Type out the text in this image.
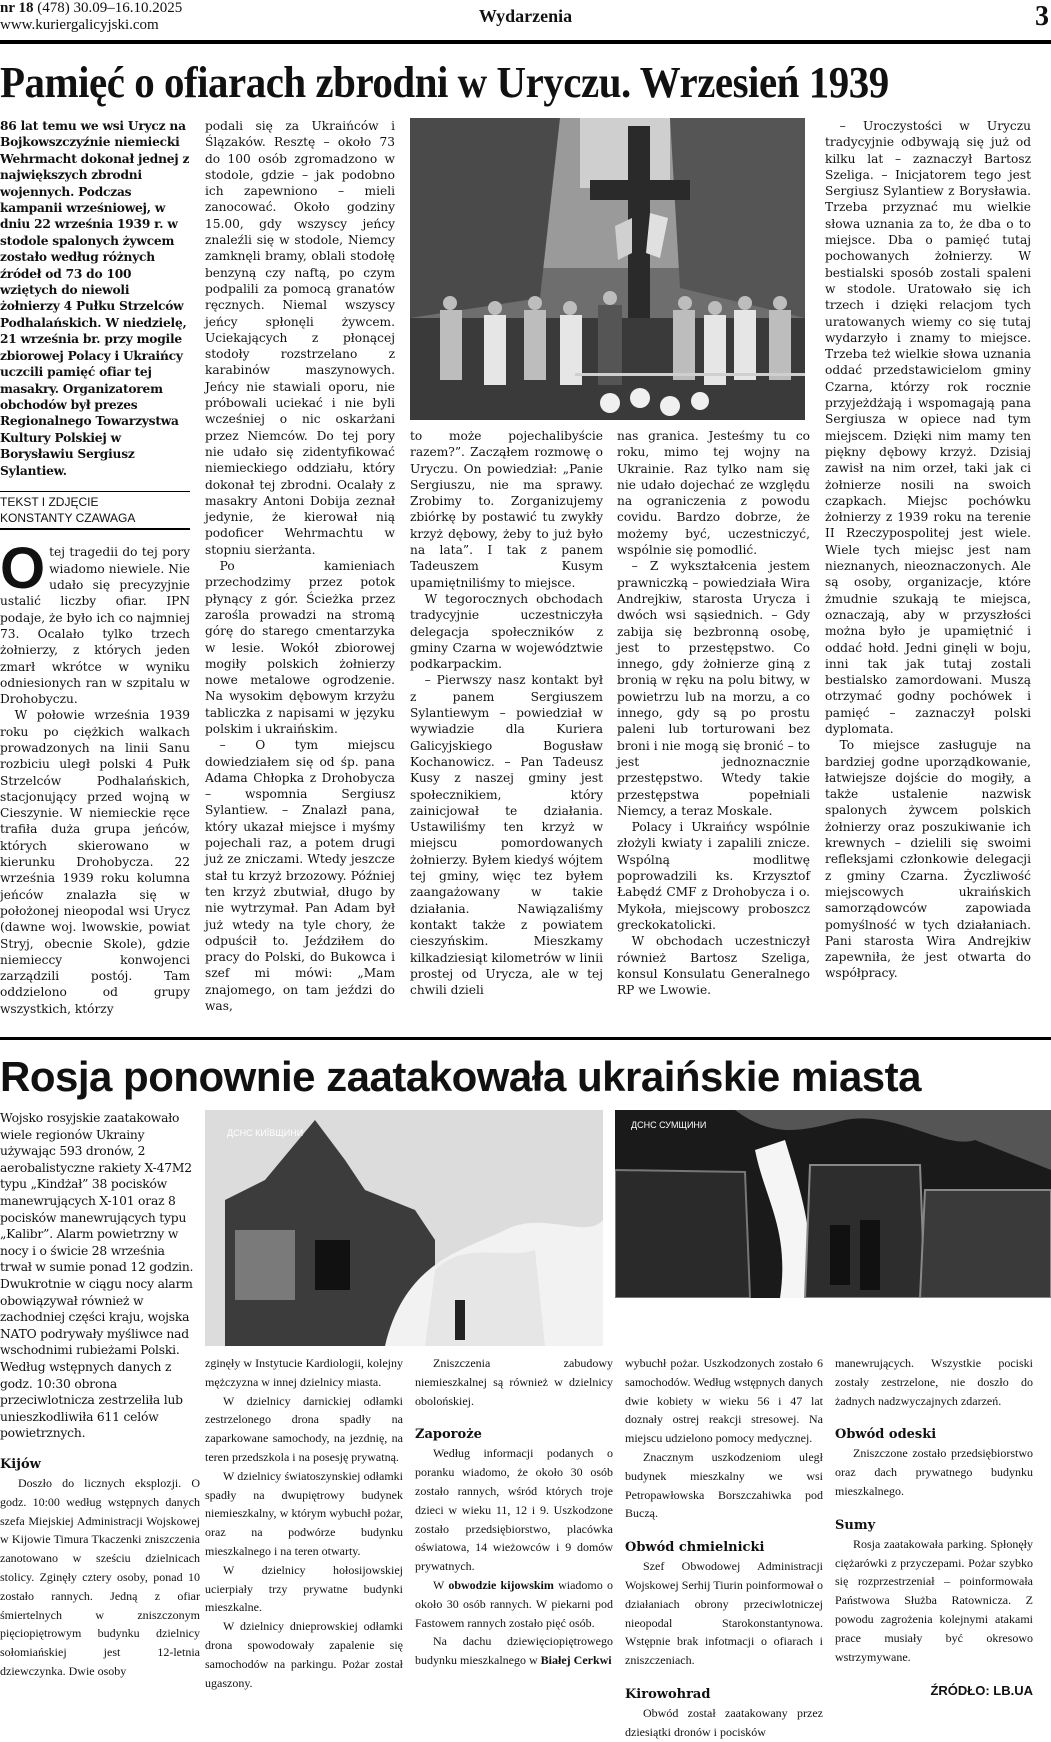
nr 18 (478) 30.09–16.10.2025
www.kuriergalicyjski.com	Wydarzenia	3
Pamięć o ofiarach zbrodni w Uryczu. Wrzesień 1939
86 lat temu we wsi Urycz na Bojkowszczyźnie niemiecki Wehrmacht dokonał jednej z największych zbrodni wojennych. Podczas kampanii wrześniowej, w dniu 22 września 1939 r. w stodole spalonych żywcem zostało według różnych źródeł od 73 do 100 wziętych do niewoli żołnierzy 4 Pułku Strzelców Podhalańskich. W niedzielę, 21 września br. przy mogile zbiorowej Polacy i Ukraińcy uczcili pamięć ofiar tej masakry. Organizatorem obchodów był prezes Regionalnego Towarzystwa Kultury Polskiej w Borysławiu Sergiusz Sylantiew.
TEKST I ZDJĘCIE
KONSTANTY CZAWAGA

Otej tragedii do tej pory wiadomo niewiele. Nie udało się precyzyjnie ustalić liczby ofiar. IPN podaje, że było ich co najmniej 73. Ocalało tylko trzech żołnierzy, z których jeden zmarł wkrótce w wyniku odniesionych ran w szpitalu w Drohobyczu.

W połowie września 1939 roku po ciężkich walkach prowadzonych na linii Sanu rozbiciu uległ polski 4 Pułk Strzelców Podhalańskich, stacjonujący przed wojną w Cieszynie. W niemieckie ręce trafiła duża grupa jeńców, których skierowano w kierunku Drohobycza. 22 września 1939 roku kolumna jeńców znalazła się w położonej nieopodal wsi Urycz (dawne woj. lwowskie, powiat Stryj, obecnie Skole), gdzie niemieccy konwojenci zarządzili postój. Tam oddzielono od grupy wszystkich, którzy

podali się za Ukraińców i Ślązaków. Resztę – około 73 do 100 osób zgromadzono w stodole, gdzie – jak podobno ich zapewniono – mieli zanocować. Około godziny 15.00, gdy wszyscy jeńcy znaleźli się w stodole, Niemcy zamknęli bramy, oblali stodołę benzyną czy naftą, po czym podpalili za pomocą granatów ręcznych. Niemal wszyscy jeńcy spłonęli żywcem. Uciekających z płonącej stodoły rozstrzelano z karabinów maszynowych. Jeńcy nie stawiali oporu, nie próbowali uciekać i nie byli wcześniej o nic oskarżani przez Niemców. Do tej pory nie udało się zidentyfikować niemieckiego oddziału, który dokonał tej zbrodni. Ocalały z masakry Antoni Dobija zeznał jedynie, że kierował nią podoficer Wehrmachtu w stopniu sierżanta.

Po kamieniach przechodzimy przez potok płynący z gór. Ścieżka przez zarośla prowadzi na stromą górę do starego cmentarzyka w lesie. Wokół zbiorowej mogiły polskich żołnierzy nowe metalowe ogrodzenie. Na wysokim dębowym krzyżu tabliczka z napisami w języku polskim i ukraińskim.

– O tym miejscu dowiedziałem się od śp. pana Adama Chłopka z Drohobycza – wspomnia Sergiusz Sylantiew. – Znalazł pana, który ukazał miejsce i myśmy pojechali raz, a potem drugi już ze zniczami. Wtedy jeszcze stał tu krzyż brzozowy. Później ten krzyż zbutwiał, długo by nie wytrzymał. Pan Adam był już wtedy na tyle chory, że odpuścił to. Jeździłem do pracy do Polski, do Bukowca i szef mi mówi: „Mam znajomego, on tam jeździ do was,

to może pojechalibyście razem?”. Zacząłem rozmowę o Uryczu. On powiedział: „Panie Sergiuszu, nie ma sprawy. Zrobimy to. Zorganizujemy zbiórkę by postawić tu zwykły krzyż dębowy, żeby to już było na lata”. I tak z panem Tadeuszem Kusym upamiętniliśmy to miejsce.

W tegorocznych obchodach tradycyjnie uczestniczyła delegacja społeczników z gminy Czarna w województwie podkarpackim.

– Pierwszy nasz kontakt był z panem Sergiuszem Sylantiewym – powiedział w wywiadzie dla Kuriera Galicyjskiego Bogusław Kochanowicz. – Pan Tadeusz Kusy z naszej gminy jest społecznikiem, który zainicjował te działania. Ustawiliśmy ten krzyż w miejscu pomordowanych żołnierzy. Byłem kiedyś wójtem tej gminy, więc tez byłem zaangażowany w takie działania. Nawiązaliśmy kontakt także z powiatem cieszyńskim. Mieszkamy kilkadziesiąt kilometrów w linii prostej od Urycza, ale w tej chwili dzieli

nas granica. Jesteśmy tu co roku, mimo tej wojny na Ukrainie. Raz tylko nam się nie udało dojechać ze względu na ograniczenia z powodu covidu. Bardzo dobrze, że możemy być, uczestniczyć, wspólnie się pomodlić.

– Z wykształcenia jestem prawniczką – powiedziała Wira Andrejkiw, starosta Urycza i dwóch wsi sąsiednich. – Gdy zabija się bezbronną osobę, jest to przestępstwo. Co innego, gdy żołnierze giną z bronią w ręku na polu bitwy, w powietrzu lub na morzu, a co innego, gdy są po prostu paleni lub torturowani bez broni i nie mogą się bronić – to jest jednoznacznie przestępstwo. Wtedy takie przestępstwa popełniali Niemcy, a teraz Moskale.

Polacy i Ukraińcy wspólnie złożyli kwiaty i zapalili znicze. Wspólną modlitwę poprowadzili ks. Krzysztof Łabędź CMF z Drohobycza i o. Mykoła, miejscowy proboszcz greckokatolicki.

W obchodach uczestniczył również Bartosz Szeliga, konsul Konsulatu Generalnego RP we Lwowie.

– Uroczystości w Uryczu tradycyjnie odbywają się już od kilku lat – zaznaczył Bartosz Szeliga. – Inicjatorem tego jest Sergiusz Sylantiew z Borysławia. Trzeba przyznać mu wielkie słowa uznania za to, że dba o to miejsce. Dba o pamięć tutaj pochowanych żołnierzy. W bestialski sposób zostali spaleni w stodole. Uratowało się ich trzech i dzięki relacjom tych uratowanych wiemy co się tutaj wydarzyło i znamy to miejsce. Trzeba też wielkie słowa uznania oddać przedstawicielom gminy Czarna, którzy rok rocznie przyjeżdżają i wspomagają pana Sergiusza w opiece nad tym miejscem. Dzięki nim mamy ten piękny dębowy krzyż. Dzisiaj zawisł na nim orzeł, taki jak ci żołnierze nosili na swoich czapkach. Miejsc pochówku żołnierzy z 1939 roku na terenie II Rzeczypospolitej jest wiele. Wiele tych miejsc jest nam nieznanych, nieoznaczonych. Ale są osoby, organizacje, które żmudnie szukają te miejsca, oznaczają, aby w przyszłości można było je upamiętnić i oddać hołd. Jedni ginęli w boju, inni tak jak tutaj zostali bestialsko zamordowani. Muszą otrzymać godny pochówek i pamięć – zaznaczył polski dyplomata.

To miejsce zasługuje na bardziej godne uporządkowanie, łatwiejsze dojście do mogiły, a także ustalenie nazwisk spalonych żywcem polskich żołnierzy oraz poszukiwanie ich krewnych – dzielili się swoimi refleksjami członkowie delegacji z gminy Czarna. Życzliwość miejscowych ukraińskich samorządowców zapowiada pomyślność w tych działaniach. Pani starosta Wira Andrejkiw zapewniła, że jest otwarta do współpracy.

Rosja ponownie zaatakowała ukraińskie miasta
Wojsko rosyjskie zaatakowało wiele regionów Ukrainy używając 593 dronów, 2 aerobalistyczne rakiety X-47M2 typu „Kindżał” 38 pocisków manewrujących X-101 oraz 8 pocisków manewrujących typu „Kalibr”. Alarm powietrzny w nocy i o świcie 28 września trwał w sumie ponad 12 godzin. Dwukrotnie w ciągu nocy alarm obowiązywał również w zachodniej części kraju, wojska NATO podrywały myśliwce nad wschodnimi rubieżami Polski. Według wstępnych danych z godz. 10:30 obrona przeciwlotnicza zestrzeliła lub unieszkodliwiła 611 celów powietrznych.
Kijów

Doszło do licznych eksplozji. O godz. 10:00 według wstępnych danych szefa Miejskiej Administracji Wojskowej w Kijowie Timura Tkaczenki zniszczenia zanotowano w sześciu dzielnicach stolicy. Zginęły cztery osoby, ponad 10 zostało rannych. Jedną z ofiar śmiertelnych w zniszczonym pięciopiętrowym budynku dzielnicy sołomiańskiej jest 12-letnia dziewczynka. Dwie osoby

ДСНС КИЇВЩИНИ
ДСНС СУМЩИНИ

zginęły w Instytucie Kardiologii, kolejny mężczyzna w innej dzielnicy miasta.

W dzielnicy darnickiej odłamki zestrzelonego drona spadły na zaparkowane samochody, na jezdnię, na teren przedszkola i na posesję prywatną.

W dzielnicy światoszynskiej odłamki spadły na dwupiętrowy budynek niemieszkalny, w którym wybuchł pożar, oraz na podwórze budynku mieszkalnego i na teren otwarty.

W dzielnicy hołosijowskiej ucierpiały trzy prywatne budynki mieszkalne.

W dzielnicy dnieprowskiej odłamki drona spowodowały zapalenie się samochodów na parkingu. Pożar został ugaszony.

Zniszczenia zabudowy niemieszkalnej są również w dzielnicy obolońskiej.

Zaporoże

Według informacji podanych o poranku wiadomo, że około 30 osób zostało rannych, wśród których troje dzieci w wieku 11, 12 i 9. Uszkodzone zostało przedsiębiorstwo, placówka oświatowa, 14 wieżowców i 9 domów prywatnych.

W obwodzie kijowskim wiadomo o około 30 osób rannych. W piekarni pod Fastowem rannych zostało pięć osób.

Na dachu dziewięciopiętrowego budynku mieszkalnego w Białej Cerkwi

wybuchł pożar. Uszkodzonych zostało 6 samochodów. Według wstępnych danych dwie kobiety w wieku 56 i 47 lat doznały ostrej reakcji stresowej. Na miejscu udzielono pomocy medycznej.

Znacznym uszkodzeniom uległ budynek mieszkalny we wsi Petropawłowska Borszczahiwka pod Buczą.

Obwód chmielnicki

Szef Obwodowej Administracji Wojskowej Serhij Tiurin poinformował o działaniach obrony przeciwlotniczej nieopodal Starokonstantynowa. Wstępnie brak infotmacji o ofiarach i zniszczeniach.

Kirowohrad

Obwód został zaatakowany przez dziesiątki dronów i pocisków

manewrujących. Wszystkie pociski zostały zestrzelone, nie doszło do żadnych nadzwyczajnych zdarzeń.

Obwód odeski

Zniszczone zostało przedsiębiorstwo oraz dach prywatnego budynku mieszkalnego.

Sumy

Rosja zaatakowała parking. Spłonęły ciężarówki z przyczepami. Pożar szybko się rozprzestrzeniał – poinformowała Państwowa Służba Ratownicza. Z powodu zagrożenia kolejnymi atakami prace musiały być okresowo wstrzymywane.

ŹRÓDŁO: LB.UA
